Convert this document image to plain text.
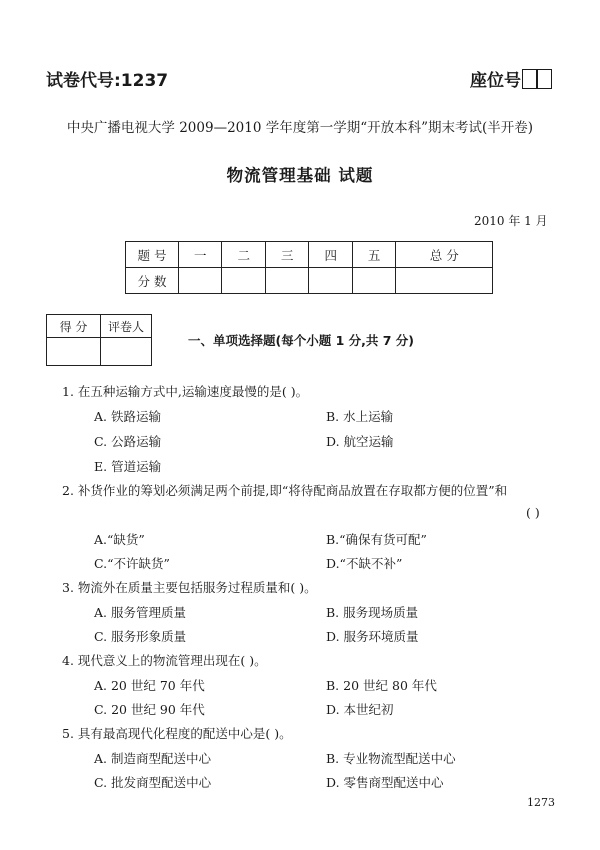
试卷代号:1237	座位号
中央广播电视大学 2009—2010 学年度第一学期“开放本科”期末考试(半开卷)
物流管理基础 试题
2010 年 1 月
题 号	一	二	三	四	五	总 分
分 数						
得 分	评卷人

一、单项选择题(每个小题 1 分,共 7 分)
1. 在五种运输方式中,运输速度最慢的是( )。
A. 铁路运输	B. 水上运输
C. 公路运输	D. 航空运输
E. 管道运输
2. 补货作业的筹划必须满足两个前提,即“将待配商品放置在存取都方便的位置”和
( )
A.“缺货”	B.“确保有货可配”
C.“不许缺货”	D.“不缺不补”
3. 物流外在质量主要包括服务过程质量和( )。
A. 服务管理质量	B. 服务现场质量
C. 服务形象质量	D. 服务环境质量
4. 现代意义上的物流管理出现在( )。
A. 20 世纪 70 年代	B. 20 世纪 80 年代
C. 20 世纪 90 年代	D. 本世纪初
5. 具有最高现代化程度的配送中心是( )。
A. 制造商型配送中心	B. 专业物流型配送中心
C. 批发商型配送中心	D. 零售商型配送中心
1273
